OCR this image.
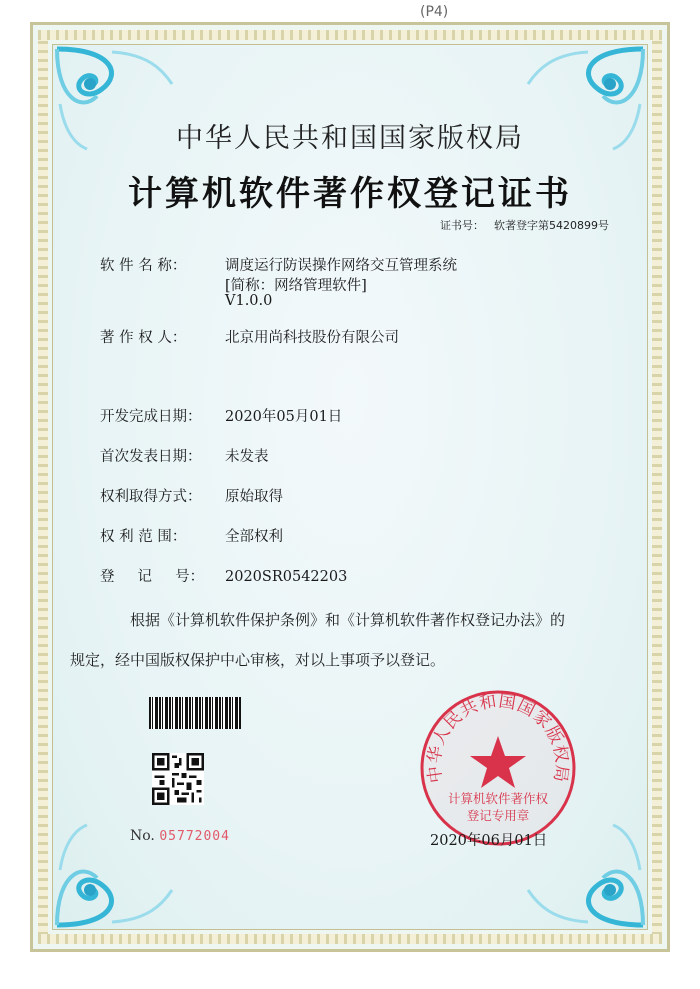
(P4)
中华人民共和国国家版权局
计算机软件著作权登记证书
证书号： 软著登字第5420899号
软 件 名 称：	调度运行防误操作网络交互管理系统
[简称：网络管理软件]
V1.0.0
著 作 权 人：	北京用尚科技股份有限公司
开发完成日期： 2020年05月01日
首次发表日期： 未发表
权利取得方式： 原始取得
权 利 范 围：	全部权利
登     记     号： 2020SR0542203
根据《计算机软件保护条例》和《计算机软件著作权登记办法》的
规定，经中国版权保护中心审核，对以上事项予以登记。
No. 05772004
中华人民共和国国家版权局
计算机软件著作权
登记专用章
2020年06月01日
